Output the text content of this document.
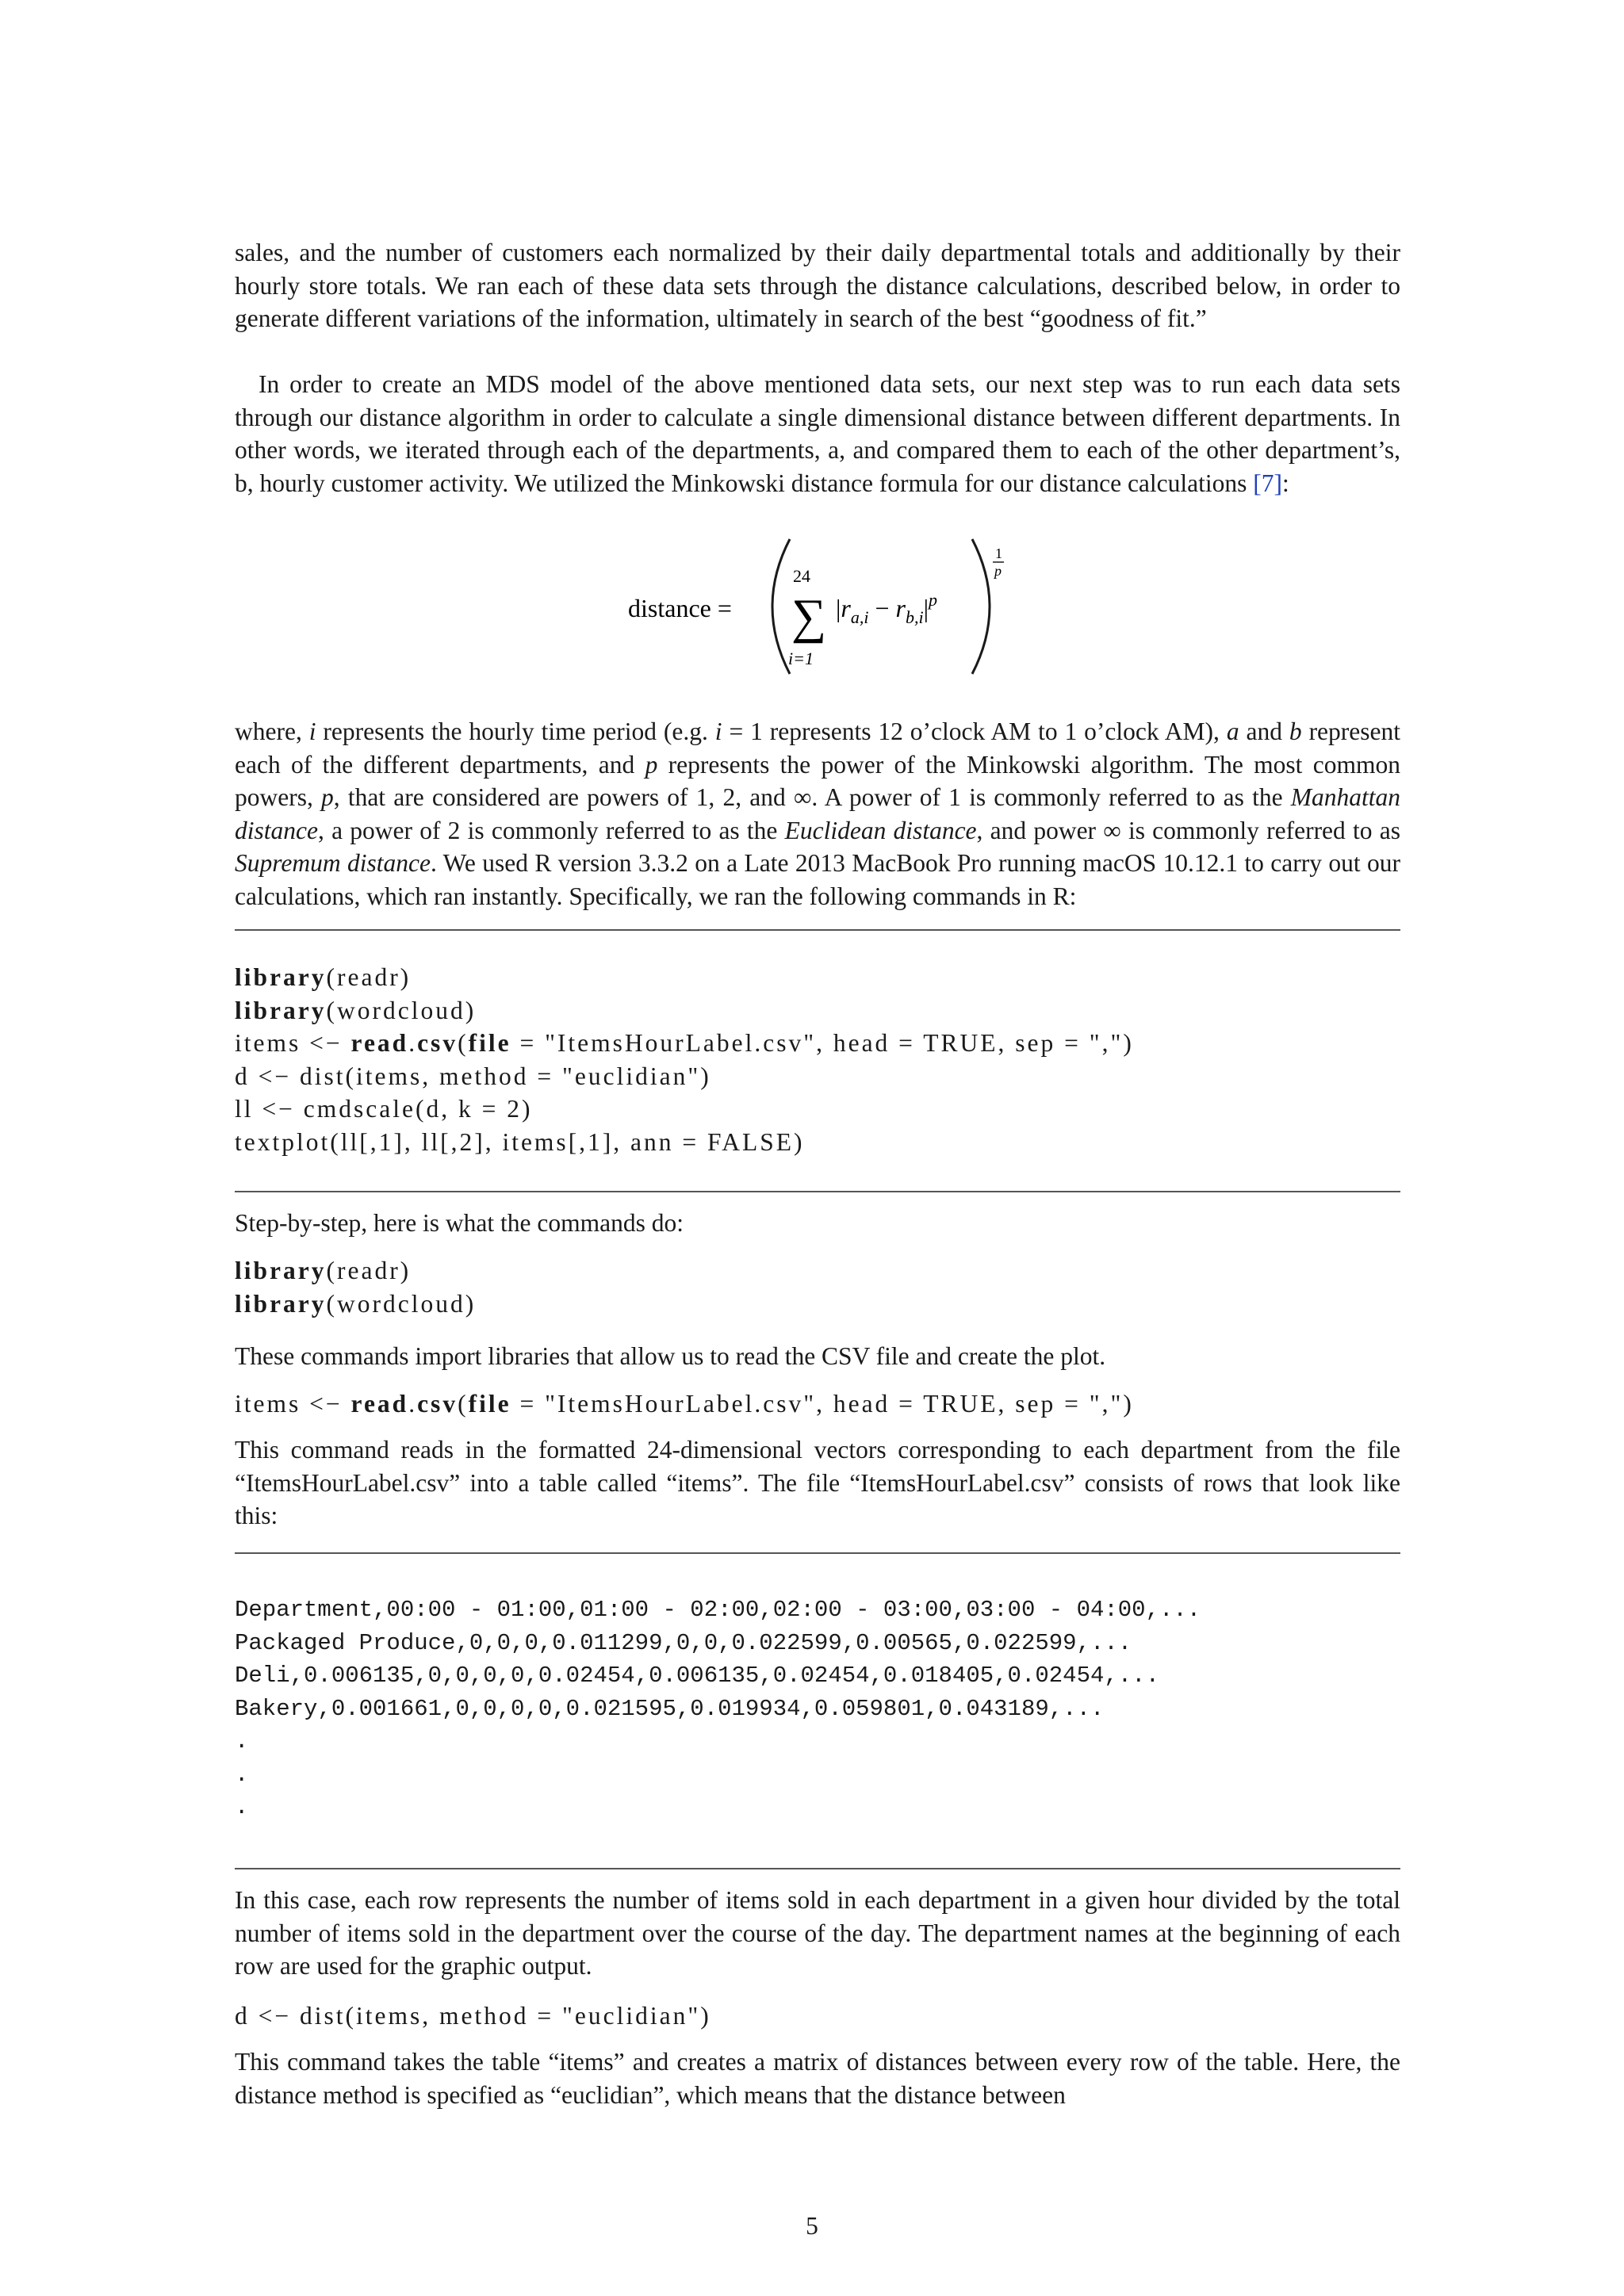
sales, and the number of customers each normalized by their daily departmental totals and additionally by their hourly store totals. We ran each of these data sets through the distance calculations, described below, in order to generate different variations of the information, ultimately in search of the best “goodness of fit.”

In order to create an MDS model of the above mentioned data sets, our next step was to run each data sets through our distance algorithm in order to calculate a single dimensional distance between different departments. In other words, we iterated through each of the departments, a, and compared them to each of the other department’s, b, hourly customer activity. We utilized the Minkowski distance formula for our distance calculations [7]:

distance =
24
∑
i=1
$|r_{a,i} - r_{b,i}|^p$
1
p

where, i represents the hourly time period (e.g. i = 1 represents 12 o’clock AM to 1 o’clock AM), a and b represent each of the different departments, and p represents the power of the Minkowski algorithm. The most common powers, p, that are considered are powers of 1, 2, and ∞. A power of 1 is commonly referred to as the Manhattan distance, a power of 2 is commonly referred to as the Euclidean distance, and power ∞ is commonly referred to as Supremum distance. We used R version 3.3.2 on a Late 2013 MacBook Pro running macOS 10.12.1 to carry out our calculations, which ran instantly. Specifically, we ran the following commands in R:

library(readr)
library(wordcloud)
items <− read.csv(file = "ItemsHourLabel.csv", head = TRUE, sep = ",")
d <− dist(items, method = "euclidian")
ll <− cmdscale(d, k = 2)
textplot(ll[,1], ll[,2], items[,1], ann = FALSE)

Step-by-step, here is what the commands do:

library(readr)
library(wordcloud)

These commands import libraries that allow us to read the CSV file and create the plot.

items <− read.csv(file = "ItemsHourLabel.csv", head = TRUE, sep = ",")

This command reads in the formatted 24-dimensional vectors corresponding to each department from the file “ItemsHourLabel.csv” into a table called “items”. The file “ItemsHourLabel.csv” consists of rows that look like this:

Department,00:00 - 01:00,01:00 - 02:00,02:00 - 03:00,03:00 - 04:00,...
Packaged Produce,0,0,0,0.011299,0,0,0.022599,0.00565,0.022599,...
Deli,0.006135,0,0,0,0,0.02454,0.006135,0.02454,0.018405,0.02454,...
Bakery,0.001661,0,0,0,0,0.021595,0.019934,0.059801,0.043189,...
.
.
.

In this case, each row represents the number of items sold in each department in a given hour divided by the total number of items sold in the department over the course of the day. The department names at the beginning of each row are used for the graphic output.

d <− dist(items, method = "euclidian")

This command takes the table “items” and creates a matrix of distances between every row of the table. Here, the distance method is specified as “euclidian”, which means that the distance between

5
